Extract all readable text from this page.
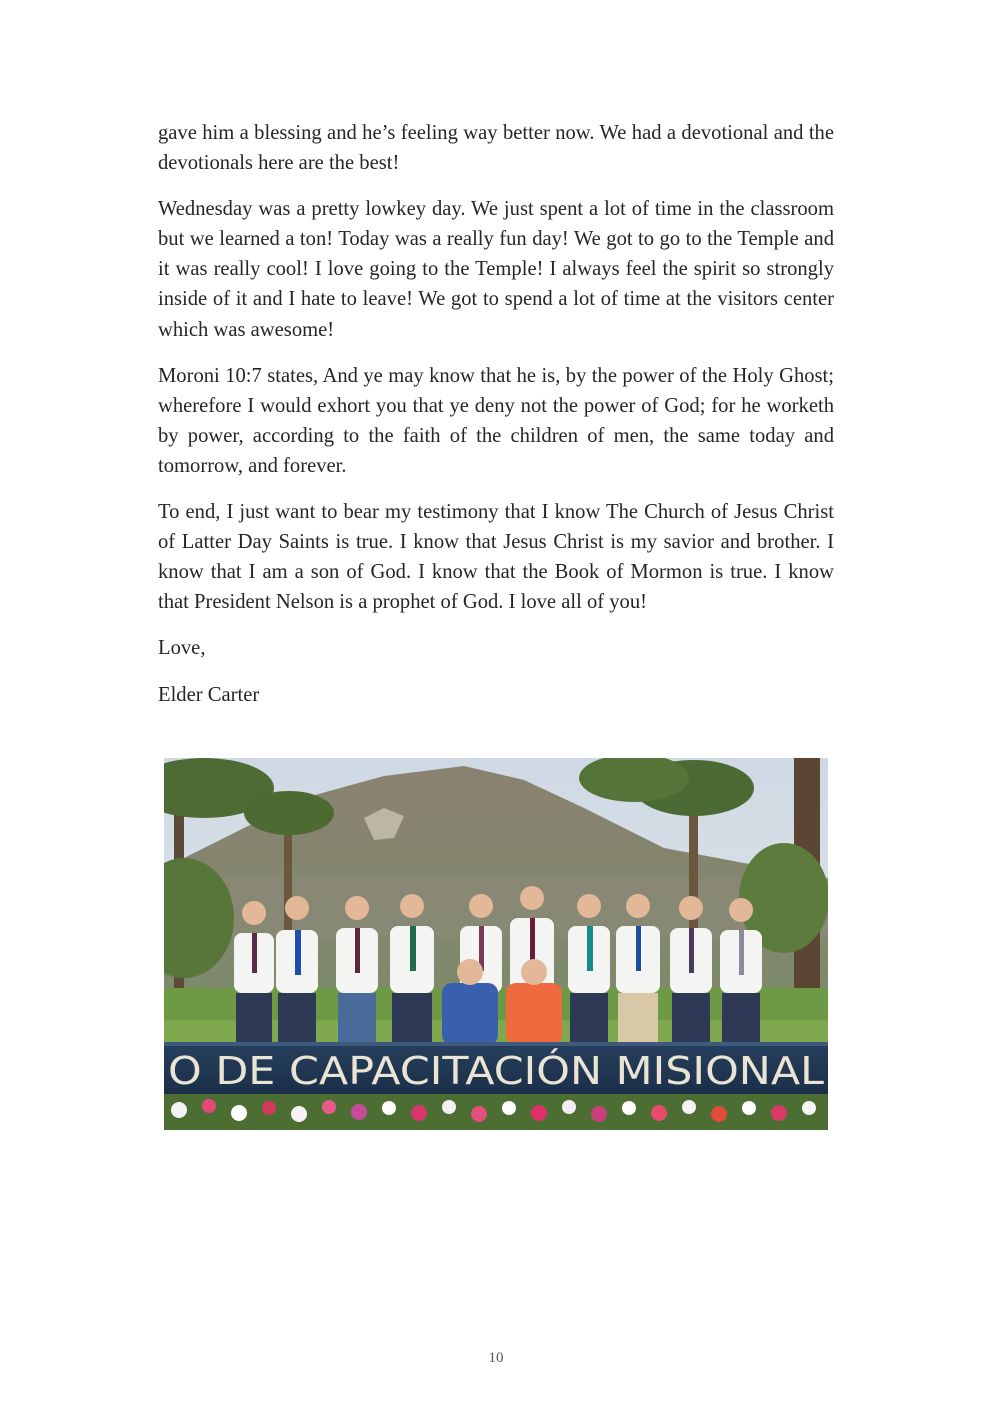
gave him a blessing and he’s feeling way better now. We had a devotional and the devotionals here are the best!

Wednesday was a pretty lowkey day. We just spent a lot of time in the classroom but we learned a ton! Today was a really fun day! We got to go to the Temple and it was really cool! I love going to the Temple! I always feel the spirit so strongly inside of it and I hate to leave! We got to spend a lot of time at the visitors center which was awesome!

Moroni 10:7 states, And ye may know that he is, by the power of the Holy Ghost; wherefore I would exhort you that ye deny not the power of God; for he worketh by power, according to the faith of the children of men, the same today and tomorrow, and forever.

To end, I just want to bear my testimony that I know The Church of Jesus Christ of Latter Day Saints is true. I know that Jesus Christ is my savior and brother. I know that I am a son of God. I know that the Book of Mormon is true. I know that President Nelson is a prophet of God. I love all of you!

Love,

Elder Carter

O DE CAPACITACIÓN MISIONAL
10
